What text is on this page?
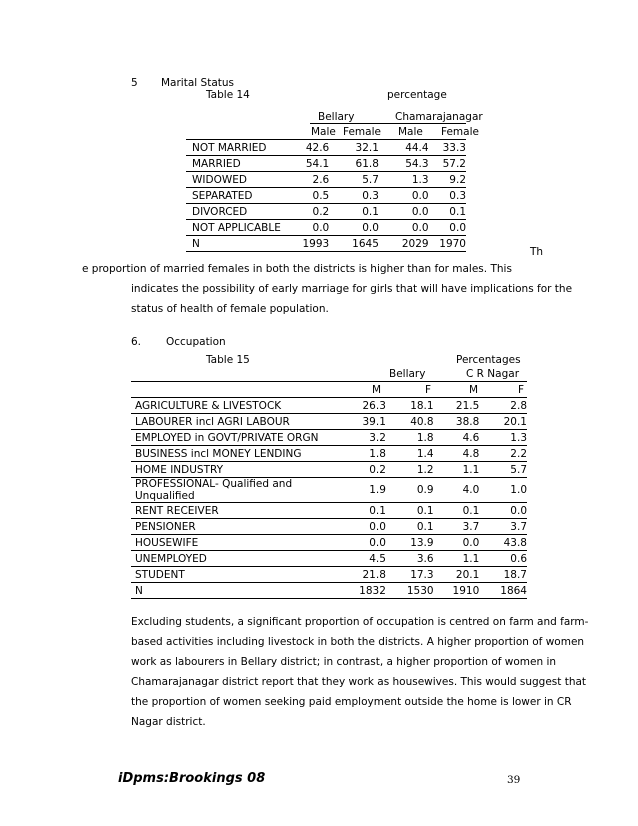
5 Marital Status
Table 14	percentage
Bellary	Chamarajanagar
Male Female Male Female
NOT MARRIED	42.6	32.1	44.4	33.3
MARRIED	54.1	61.8	54.3	57.2
WIDOWED	2.6	5.7	1.3	9.2
SEPARATED	0.5	0.3	0.0	0.3
DIVORCED	0.2	0.1	0.0	0.1
NOT APPLICABLE	0.0	0.0	0.0	0.0
N	1993	1645	2029	1970
Th
e proportion of married females in both the districts is higher than for males. This
indicates the possibility of early marriage for girls that will have implications for the
status of health of female population.
6. Occupation
Table 15	Percentages
Bellary	C R Nagar
M	F	M	F
AGRICULTURE & LIVESTOCK	26.3	18.1	21.5	2.8
LABOURER incl AGRI LABOUR	39.1	40.8	38.8	20.1
EMPLOYED in GOVT/PRIVATE ORGN	3.2	1.8	4.6	1.3
BUSINESS incl MONEY LENDING	1.8	1.4	4.8	2.2
HOME INDUSTRY	0.2	1.2	1.1	5.7
PROFESSIONAL- Qualified and Unqualified	1.9	0.9	4.0	1.0
RENT RECEIVER	0.1	0.1	0.1	0.0
PENSIONER	0.0	0.1	3.7	3.7
HOUSEWIFE	0.0	13.9	0.0	43.8
UNEMPLOYED	4.5	3.6	1.1	0.6
STUDENT	21.8	17.3	20.1	18.7
N	1832	1530	1910	1864
Excluding students, a significant proportion of occupation is centred on farm and farm-
based activities including livestock in both the districts. A higher proportion of women
work as labourers in Bellary district; in contrast, a higher proportion of women in
Chamarajanagar district report that they work as housewives. This would suggest that
the proportion of women seeking paid employment outside the home is lower in CR
Nagar district.
iDpms:Brookings 08	39
